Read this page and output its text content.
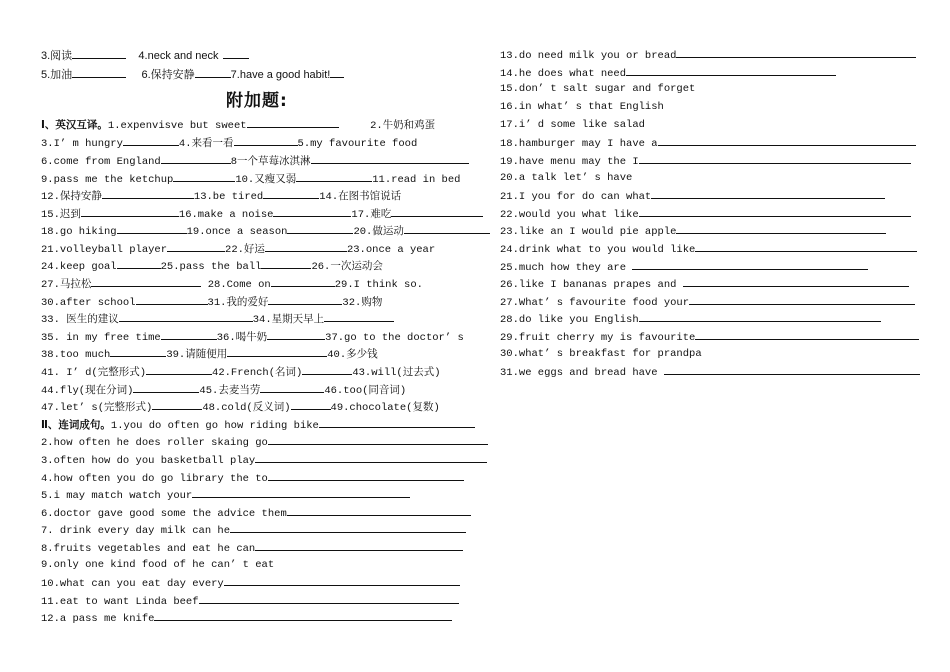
3.阅读	4.neck and neck
5.加油	6.保持安静	7.have a good habit!
附加题:
Ⅰ、英汉互译。1.expenvisve but sweet	2.牛奶和鸡蛋
3.I’ m hungry	4.来看一看	5.my favourite food
6.come from England	8一个草莓冰淇淋
9.pass me the ketchup	10.又瘦又弱	11.read in bed
12.保持安静	13.be tired	14.在图书馆说话
15.迟到	16.make a noise	17.难吃
18.go hiking	19.once a season	20.做运动
21.volleyball player	22.好运	23.once a year
24.keep goal	25.pass the ball	26.一次运动会
27.马拉松	28.Come on	29.I think so.
30.after school	31.我的爱好	32.购物
33. 医生的建议	34.星期天早上
35. in my free time	36.喝牛奶	37.go to the doctor’ s
38.too much	39.请随便用	40.多少钱
41. I’ d(完整形式)	42.French(名词)	43.will(过去式)
44.fly(现在分词)	45.去麦当劳	46.too(同音词)
47.let’ s(完整形式)	48.cold(反义词)	49.chocolate(复数)
Ⅱ、连词成句。1.you do often go how riding bike
2.how often he does roller skaing go
3.often how do you basketball play
4.how often you do go library the to
5.i may match watch your
6.doctor gave good some the advice them
7. drink every day milk can he
8.fruits vegetables and eat he can
9.only one kind food of he can’ t eat
10.what can you eat day every
11.eat to want Linda beef
12.a pass me knife
13.do need milk you or bread
14.he does what need
15.don’ t salt sugar and forget
16.in what’ s that English
17.i’ d some like salad
18.hamburger may I have a
19.have menu may the I
20.a talk let’ s have
21.I you for do can what
22.would you what like
23.like an I would pie apple
24.drink what to you would like
25.much how they are
26.like I bananas prapes and
27.What’ s favourite food your
28.do like you English
29.fruit cherry my is favourite
30.what’ s breakfast for prandpa
31.we eggs and bread have
